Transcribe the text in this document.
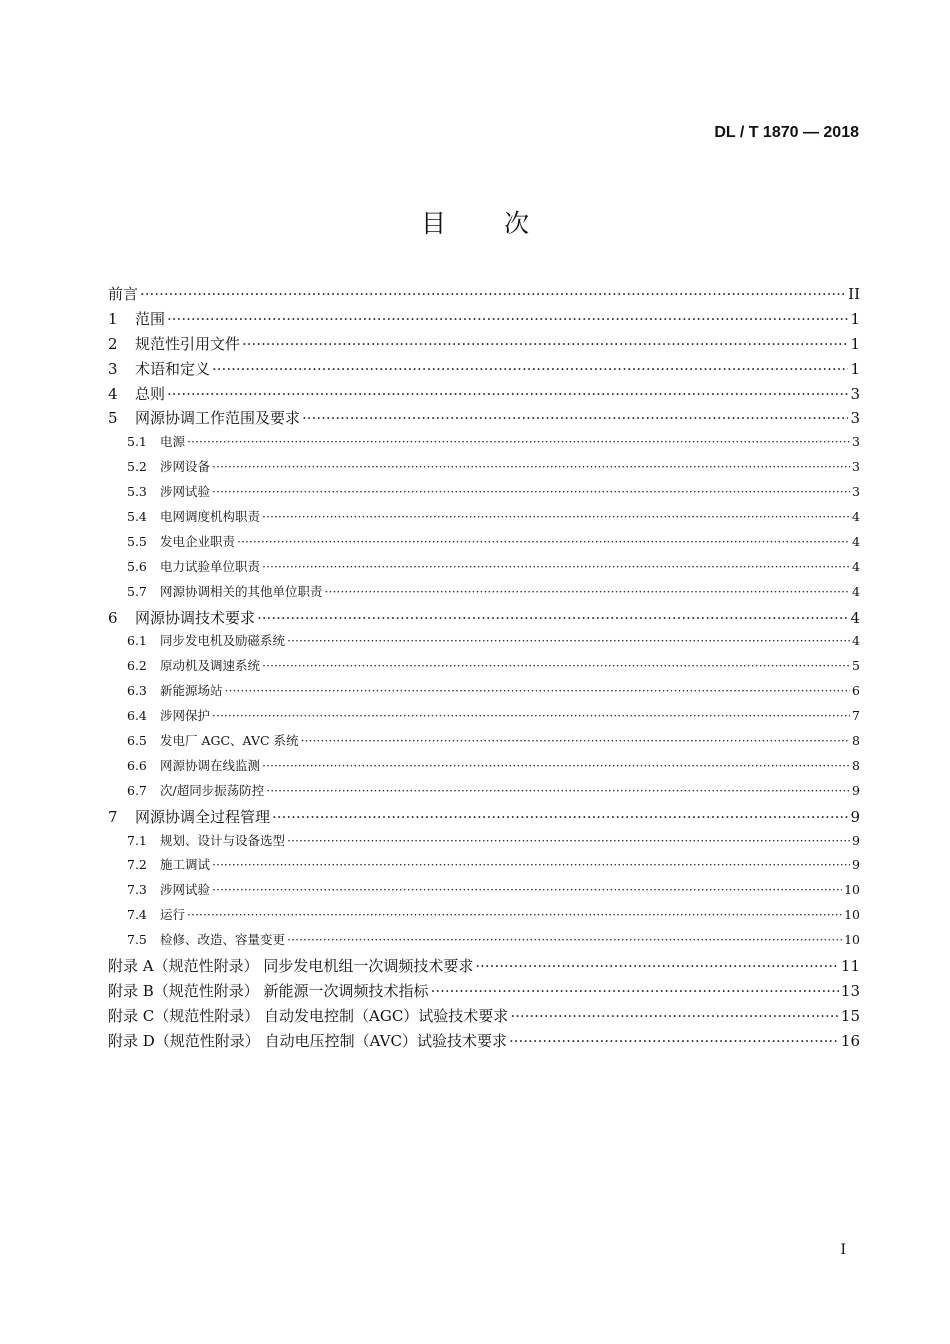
DL / T 1870 — 2018
目次
前言 ·····	II
1	范围 ·····	1
2	规范性引用文件 ·····	1
3	术语和定义 ·····	1
4	总则 ·····	3
5	网源协调工作范围及要求 ·····	3
5.1	电源 ·····	3
5.2	涉网设备 ·····	3
5.3	涉网试验 ·····	3
5.4	电网调度机构职责 ·····	4
5.5	发电企业职责 ·····	4
5.6	电力试验单位职责 ·····	4
5.7	网源协调相关的其他单位职责 ·····	4
6	网源协调技术要求 ·····	4
6.1	同步发电机及励磁系统 ·····	4
6.2	原动机及调速系统 ·····	5
6.3	新能源场站 ·····	6
6.4	涉网保护 ·····	7
6.5	发电厂 AGC、AVC 系统 ·····	8
6.6	网源协调在线监测 ·····	8
6.7	次/超同步振荡防控 ·····	9
7	网源协调全过程管理 ·····	9
7.1	规划、设计与设备选型 ·····	9
7.2	施工调试 ·····	9
7.3	涉网试验 ·····	10
7.4	运行 ·····	10
7.5	检修、改造、容量变更 ·····	10
附录 A（规范性附录） 同步发电机组一次调频技术要求 ·····	11
附录 B（规范性附录） 新能源一次调频技术指标 ·····	13
附录 C（规范性附录） 自动发电控制（AGC）试验技术要求 ·····	15
附录 D（规范性附录） 自动电压控制（AVC）试验技术要求 ·····	16
I
